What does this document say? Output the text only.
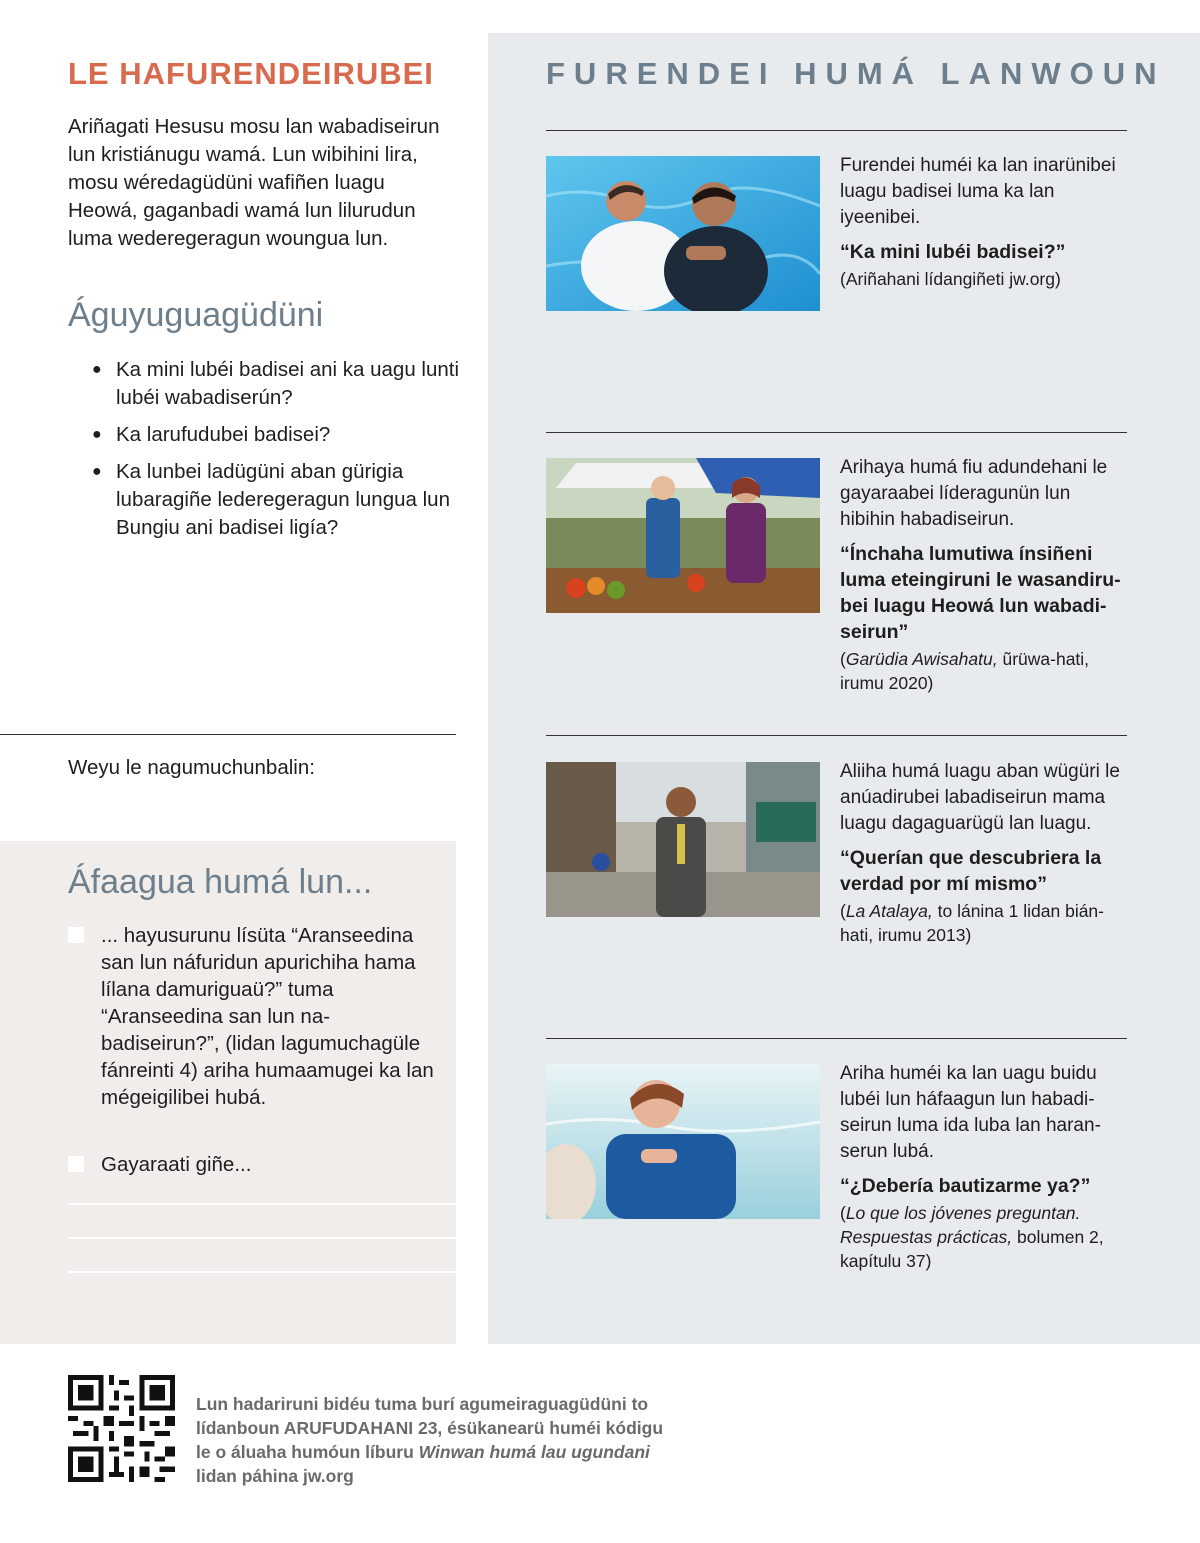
LE HAFURENDEIRUBEI

Ariñagati Hesusu mosu lan wabadiseirun lun kristiánugu wamá. Lun wibihini lira, mosu wéredagüdüni wafiñen luagu Heowá, gaganbadi wamá lun lilurudun luma wederegeragun woungua lun.

Águyuguagüdüni
● Ka mini lubéi badisei ani ka uagu lunti lubéi wabadiserún?
● Ka larufudubei badisei?
● Ka lunbei ladügüni aban gürigia lubaragiñe lederegeragun lungua lun Bungiu ani badisei ligía?
Weyu le nagumuchunbalin:
Áfaagua humá lun...
... hayusurunu lísüta “Aranseedina san lun náfuridun apurichiha hama lílana damuriguaü?” tuma “Aranseedina san lun nabadiseirun?”, (lidan lagumuchagüle fánreinti 4) ariha humaamugei ka lan mégeigilibei hubá.
Gayaraati giñe...
FURENDEI HUMÁ LANWOUN

Furendei huméi ka lan inarünibei luagu badisei luma ka lan iyeenibei.

“Ka mini lubéi badisei?”

(Ariñahani lídangiñeti jw.org)

Arihaya humá fiu adundehani le gayaraabei líderagunün lun hibihin habadiseirun.

“Ínchaha lumutiwa ínsiñeni luma eteingiruni le wasandirubei luagu Heowá lun wabadiseirun”

(Garüdia Awisahatu, ũrüwa-hati, irumu 2020)

Aliiha humá luagu aban wügüri le anúadirubei labadiseirun mama luagu dagaguarügü lan luagu.

“Querían que descubriera la verdad por mí mismo”

(La Atalaya, to lánina 1 lidan bián-hati, irumu 2013)

Ariha huméi ka lan uagu buidu lubéi lun háfaagun lun habadiseirun luma ida luba lan haranserun lubá.

“¿Debería bautizarme ya?”

(Lo que los jóvenes preguntan. Respuestas prácticas, bolumen 2, kapítulu 37)

Lun hadariruni bidéu tuma burí agumeiraguagüdüni to lídanboun ARUFUDAHANI 23, ésükanearü huméi kódigu le o áluaha humóun líburu Winwan humá lau ugundani lidan páhina jw.org
